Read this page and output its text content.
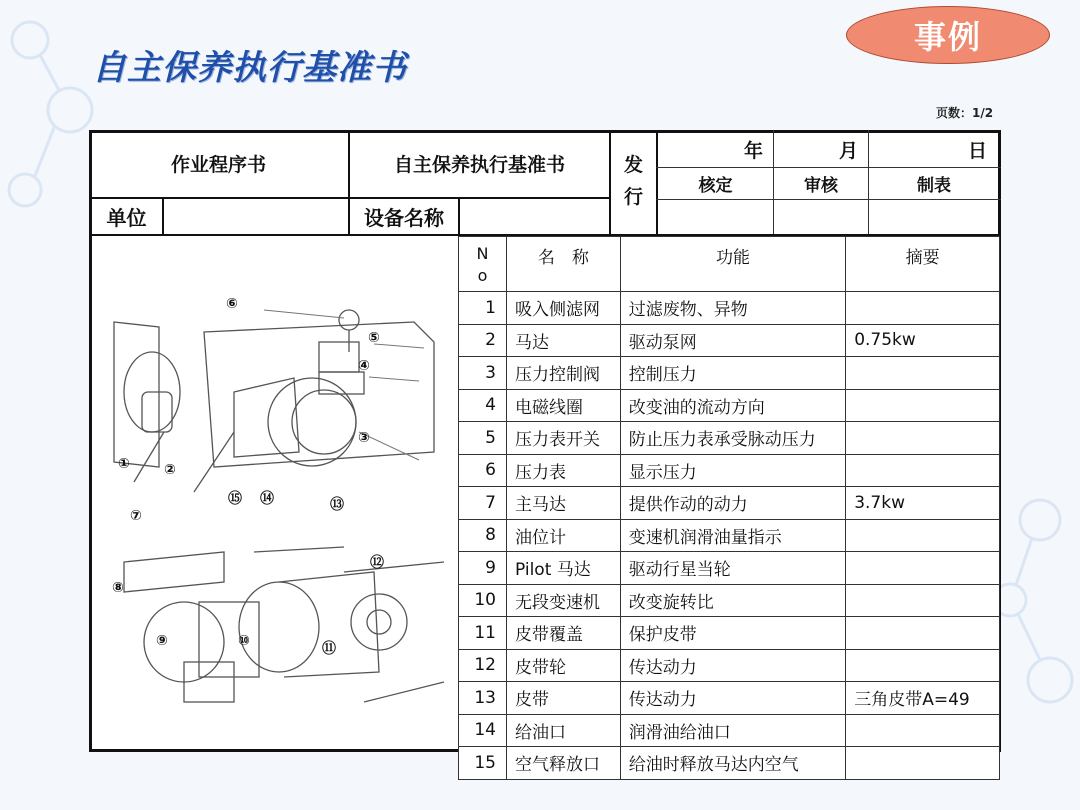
自主保养执行基准书
事例
页数：1/2
作业程序书	自主保养执行基准书	发
行
年	月	日
核定	审核	制表
单位	设备名称
N
o	名　称	功能	摘要
1	吸入侧滤网	过滤废物、异物	
2	马达	驱动泵网	0.75kw
3	压力控制阀	控制压力	
4	电磁线圈	改变油的流动方向	
5	压力表开关	防止压力表承受脉动压力	
6	压力表	显示压力	
7	主马达	提供作动的动力	3.7kw
8	油位计	变速机润滑油量指示	
9	Pilot 马达	驱动行星当轮	
10	无段变速机	改变旋转比	
11	皮带覆盖	保护皮带	
12	皮带轮	传达动力	
13	皮带	传达动力	三角皮带A=49
14	给油口	润滑油给油口	
15	空气释放口	给油时释放马达内空气	
⑥
⑤
④
③
① ②
⑮ ⑭	⑬
⑦
⑫
⑧
⑨	⑩	⑪
